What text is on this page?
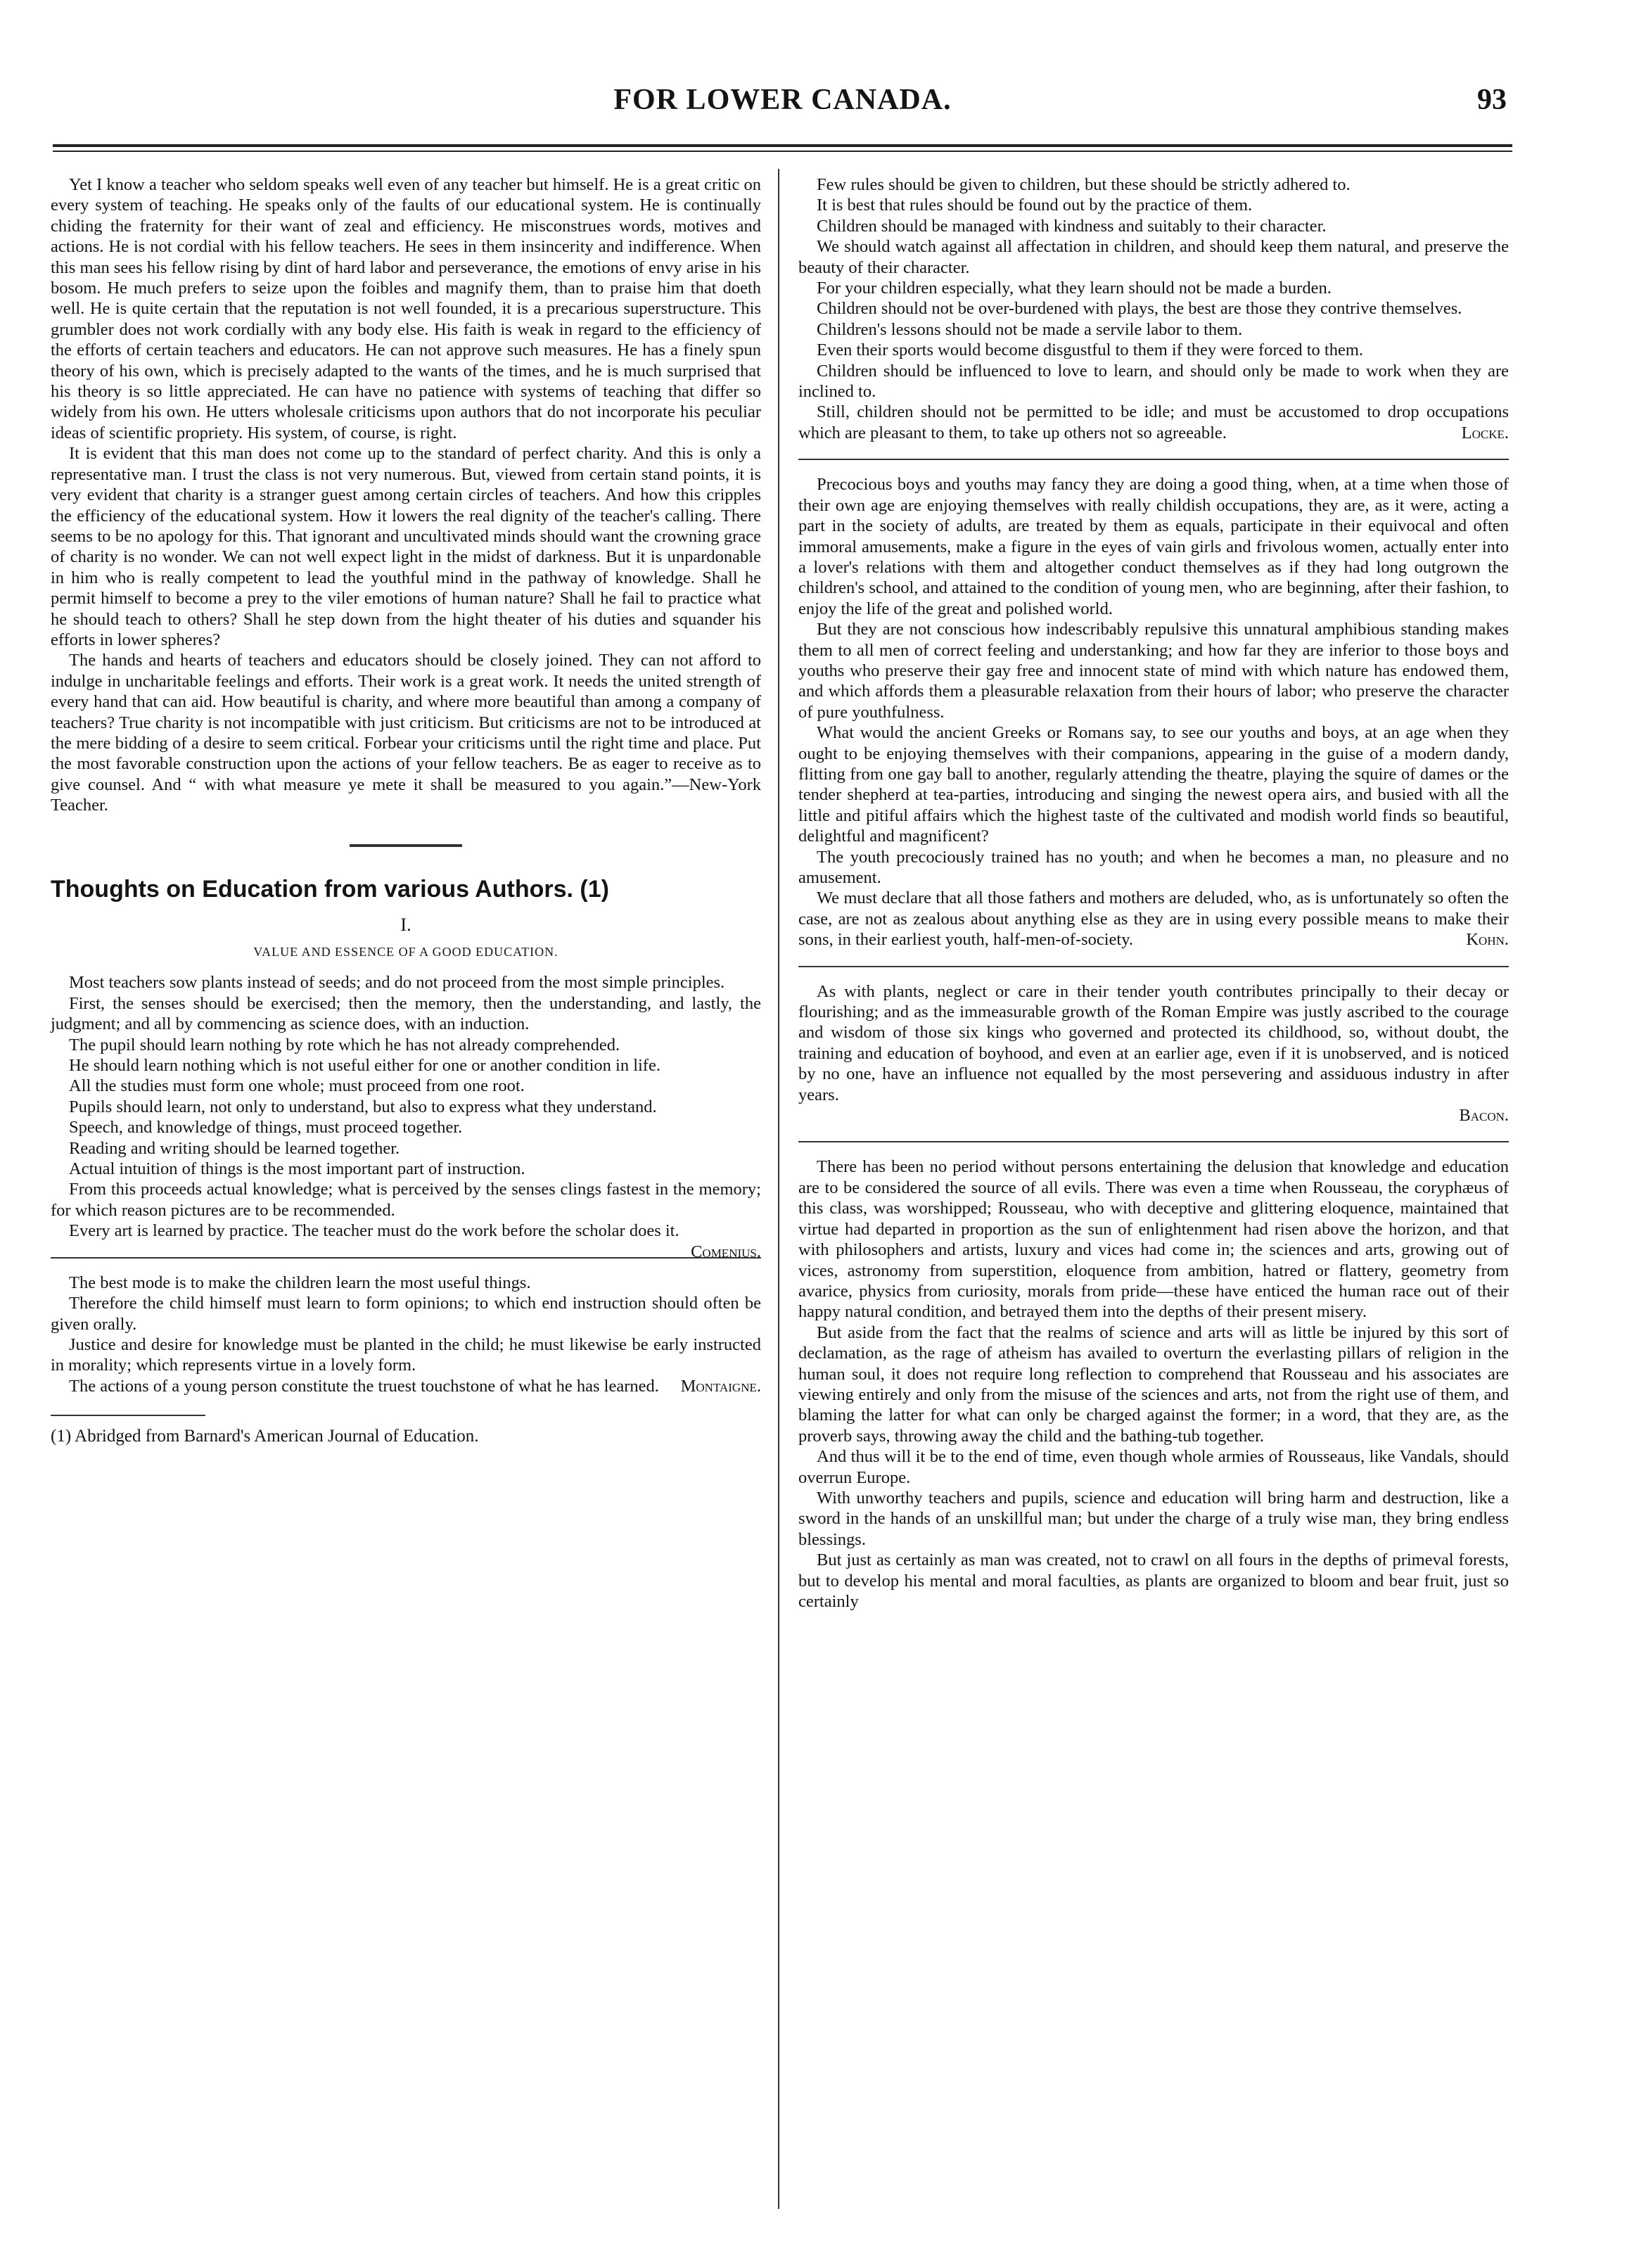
FOR LOWER CANADA.	93

Yet I know a teacher who seldom speaks well even of any teacher but himself. He is a great critic on every system of teaching. He speaks only of the faults of our educational system. He is continually chiding the fraternity for their want of zeal and efficiency. He misconstrues words, motives and actions. He is not cordial with his fellow teachers. He sees in them insincerity and indifference. When this man sees his fellow rising by dint of hard labor and perseverance, the emotions of envy arise in his bosom. He much prefers to seize upon the foibles and magnify them, than to praise him that doeth well. He is quite certain that the reputation is not well founded, it is a precarious superstructure. This grumbler does not work cordially with any body else. His faith is weak in regard to the efficiency of the efforts of certain teachers and educators. He can not approve such measures. He has a finely spun theory of his own, which is precisely adapted to the wants of the times, and he is much surprised that his theory is so little appreciated. He can have no patience with systems of teaching that differ so widely from his own. He utters wholesale criticisms upon authors that do not incorporate his peculiar ideas of scientific propriety. His system, of course, is right.

It is evident that this man does not come up to the standard of perfect charity. And this is only a representative man. I trust the class is not very numerous. But, viewed from certain stand points, it is very evident that charity is a stranger guest among certain circles of teachers. And how this cripples the efficiency of the educational system. How it lowers the real dignity of the teacher's calling. There seems to be no apology for this. That ignorant and uncultivated minds should want the crowning grace of charity is no wonder. We can not well expect light in the midst of darkness. But it is unpardonable in him who is really competent to lead the youthful mind in the pathway of knowledge. Shall he permit himself to become a prey to the viler emotions of human nature? Shall he fail to practice what he should teach to others? Shall he step down from the hight theater of his duties and squander his efforts in lower spheres?

The hands and hearts of teachers and educators should be closely joined. They can not afford to indulge in uncharitable feelings and efforts. Their work is a great work. It needs the united strength of every hand that can aid. How beautiful is charity, and where more beautiful than among a company of teachers? True charity is not incompatible with just criticism. But criticisms are not to be introduced at the mere bidding of a desire to seem critical. Forbear your criticisms until the right time and place. Put the most favorable construction upon the actions of your fellow teachers. Be as eager to receive as to give counsel. And “ with what measure ye mete it shall be measured to you again.”—New-York Teacher.

Thoughts on Education from various Authors. (1)
I.
VALUE AND ESSENCE OF A GOOD EDUCATION.

Most teachers sow plants instead of seeds; and do not proceed from the most simple principles.

First, the senses should be exercised; then the memory, then the understanding, and lastly, the judgment; and all by commencing as science does, with an induction.

The pupil should learn nothing by rote which he has not already comprehended.

He should learn nothing which is not useful either for one or another condition in life.

All the studies must form one whole; must proceed from one root.

Pupils should learn, not only to understand, but also to express what they understand.

Speech, and knowledge of things, must proceed together.

Reading and writing should be learned together.

Actual intuition of things is the most important part of instruction.

From this proceeds actual knowledge; what is perceived by the senses clings fastest in the memory; for which reason pictures are to be recommended.

Every art is learned by practice. The teacher must do the work before the scholar does it.
Comenius.

The best mode is to make the children learn the most useful things.

Therefore the child himself must learn to form opinions; to which end instruction should often be given orally.

Justice and desire for knowledge must be planted in the child; he must likewise be early instructed in morality; which represents virtue in a lovely form.

The actions of a young person constitute the truest touchstone of what he has learned. Montaigne.

(1) Abridged from Barnard's American Journal of Education.

Few rules should be given to children, but these should be strictly adhered to.

It is best that rules should be found out by the practice of them.

Children should be managed with kindness and suitably to their character.

We should watch against all affectation in children, and should keep them natural, and preserve the beauty of their character.

For your children especially, what they learn should not be made a burden.

Children should not be over-burdened with plays, the best are those they contrive themselves.

Children's lessons should not be made a servile labor to them.

Even their sports would become disgustful to them if they were forced to them.

Children should be influenced to love to learn, and should only be made to work when they are inclined to.

Still, children should not be permitted to be idle; and must be accustomed to drop occupations which are pleasant to them, to take up others not so agreeable.	Locke.

Precocious boys and youths may fancy they are doing a good thing, when, at a time when those of their own age are enjoying themselves with really childish occupations, they are, as it were, acting a part in the society of adults, are treated by them as equals, participate in their equivocal and often immoral amusements, make a figure in the eyes of vain girls and frivolous women, actually enter into a lover's relations with them and altogether conduct themselves as if they had long outgrown the children's school, and attained to the condition of young men, who are beginning, after their fashion, to enjoy the life of the great and polished world.

But they are not conscious how indescribably repulsive this unnatural amphibious standing makes them to all men of correct feeling and understanking; and how far they are inferior to those boys and youths who preserve their gay free and innocent state of mind with which nature has endowed them, and which affords them a pleasurable relaxation from their hours of labor; who preserve the character of pure youthfulness.

What would the ancient Greeks or Romans say, to see our youths and boys, at an age when they ought to be enjoying themselves with their companions, appearing in the guise of a modern dandy, flitting from one gay ball to another, regularly attending the theatre, playing the squire of dames or the tender shepherd at tea-parties, introducing and singing the newest opera airs, and busied with all the little and pitiful affairs which the highest taste of the cultivated and modish world finds so beautiful, delightful and magnificent?

The youth precociously trained has no youth; and when he becomes a man, no pleasure and no amusement.

We must declare that all those fathers and mothers are deluded, who, as is unfortunately so often the case, are not as zealous about anything else as they are in using every possible means to make their sons, in their earliest youth, half-men-of-society.	Kohn.

As with plants, neglect or care in their tender youth contributes principally to their decay or flourishing; and as the immeasurable growth of the Roman Empire was justly ascribed to the courage and wisdom of those six kings who governed and protected its childhood, so, without doubt, the training and education of boyhood, and even at an earlier age, even if it is unobserved, and is noticed by no one, have an influence not equalled by the most persevering and assiduous industry in after years.

Bacon.

There has been no period without persons entertaining the delusion that knowledge and education are to be considered the source of all evils. There was even a time when Rousseau, the coryphæus of this class, was worshipped; Rousseau, who with deceptive and glittering eloquence, maintained that virtue had departed in proportion as the sun of enlightenment had risen above the horizon, and that with philosophers and artists, luxury and vices had come in; the sciences and arts, growing out of vices, astronomy from superstition, eloquence from ambition, hatred or flattery, geometry from avarice, physics from curiosity, morals from pride—these have enticed the human race out of their happy natural condition, and betrayed them into the depths of their present misery.

But aside from the fact that the realms of science and arts will as little be injured by this sort of declamation, as the rage of atheism has availed to overturn the everlasting pillars of religion in the human soul, it does not require long reflection to comprehend that Rousseau and his associates are viewing entirely and only from the misuse of the sciences and arts, not from the right use of them, and blaming the latter for what can only be charged against the former; in a word, that they are, as the proverb says, throwing away the child and the bathing-tub together.

And thus will it be to the end of time, even though whole armies of Rousseaus, like Vandals, should overrun Europe.

With unworthy teachers and pupils, science and education will bring harm and destruction, like a sword in the hands of an unskillful man; but under the charge of a truly wise man, they bring endless blessings.

But just as certainly as man was created, not to crawl on all fours in the depths of primeval forests, but to develop his mental and moral faculties, as plants are organized to bloom and bear fruit, just so certainly
